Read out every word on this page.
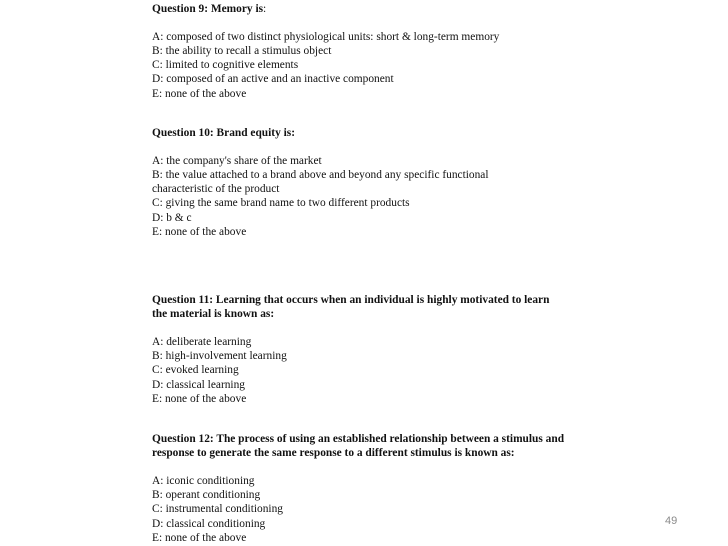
Question 9: Memory is:
A: composed of two distinct physiological units: short & long-term memory
B: the ability to recall a stimulus object
C: limited to cognitive elements
D: composed of an active and an inactive component
E: none of the above
Question 10: Brand equity is:
A: the company's share of the market
B: the value attached to a brand above and beyond any specific functional characteristic of the product
C: giving the same brand name to two different products
D: b & c
E: none of the above
Question 11: Learning that occurs when an individual is highly motivated to learn the material is known as:
A: deliberate learning
B: high-involvement learning
C: evoked learning
D: classical learning
E: none of the above
Question 12: The process of using an established relationship between a stimulus and response to generate the same response to a different stimulus is known as:
A: iconic conditioning
B: operant conditioning
C: instrumental conditioning
D: classical conditioning
E: none of the above
49
